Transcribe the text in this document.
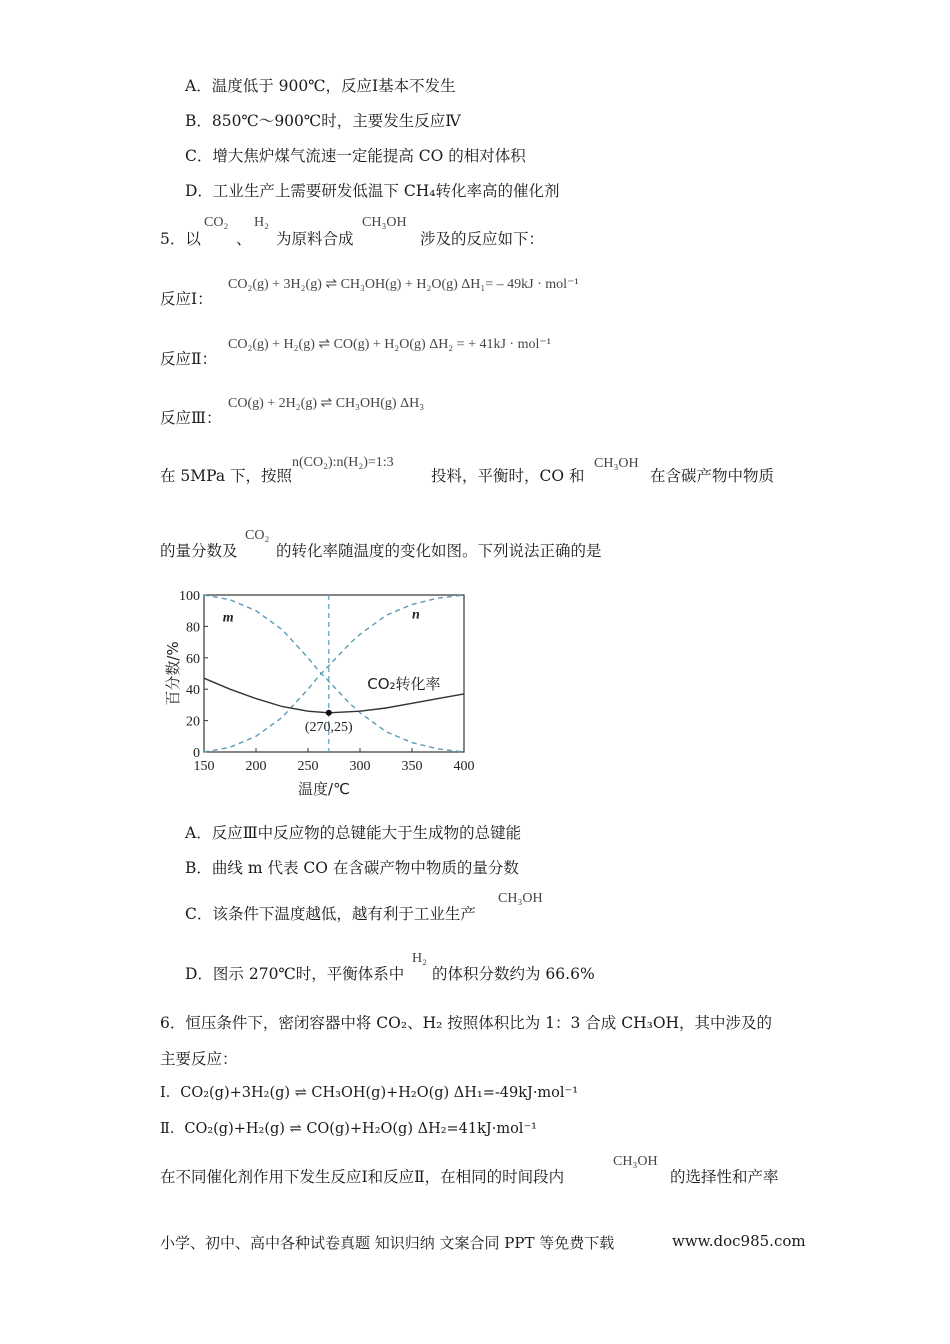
A．温度低于 900℃，反应Ⅰ基本不发生
B．850℃～900℃时，主要发生反应Ⅳ
C．增大焦炉煤气流速一定能提高 CO 的相对体积
D．工业生产上需要研发低温下 CH₄转化率高的催化剂
5．以
CO₂
、
H₂
为原料合成
CH₃OH
涉及的反应如下：
反应Ⅰ：
CO₂(g) + 3H₂(g) ⇌ CH₃OH(g) + H₂O(g) ΔH₁= – 49kJ · mol⁻¹
反应Ⅱ：
CO₂(g) + H₂(g) ⇌ CO(g) + H₂O(g) ΔH₂ = + 41kJ · mol⁻¹
反应Ⅲ：
CO(g) + 2H₂(g) ⇌ CH₃OH(g) ΔH₃
在 5MPa 下，按照
n(CO₂):n(H₂)=1:3
投料，平衡时，CO 和
CH₃OH
在含碳产物中物质
的量分数及
CO₂
的转化率随温度的变化如图。下列说法正确的是
150 200 250 300 350 400
0
20
40
60
80
100
温度/℃
百分数/%
(270,25)
m	n
CO₂转化率
A．反应Ⅲ中反应物的总键能大于生成物的总键能
B．曲线 m 代表 CO 在含碳产物中物质的量分数
C．该条件下温度越低，越有利于工业生产
CH₃OH
D．图示 270℃时，平衡体系中
H₂
的体积分数约为 66.6%
6．恒压条件下，密闭容器中将 CO₂、H₂ 按照体积比为 1：3 合成 CH₃OH，其中涉及的
主要反应：
Ⅰ．CO₂(g)+3H₂(g) ⇌ CH₃OH(g)+H₂O(g) ΔH₁=-49kJ·mol⁻¹
Ⅱ．CO₂(g)+H₂(g) ⇌ CO(g)+H₂O(g) ΔH₂=41kJ·mol⁻¹
在不同催化剂作用下发生反应Ⅰ和反应Ⅱ，在相同的时间段内
CH₃OH
的选择性和产率
小学、初中、高中各种试卷真题 知识归纳 文案合同 PPT 等免费下载	www.doc985.com
